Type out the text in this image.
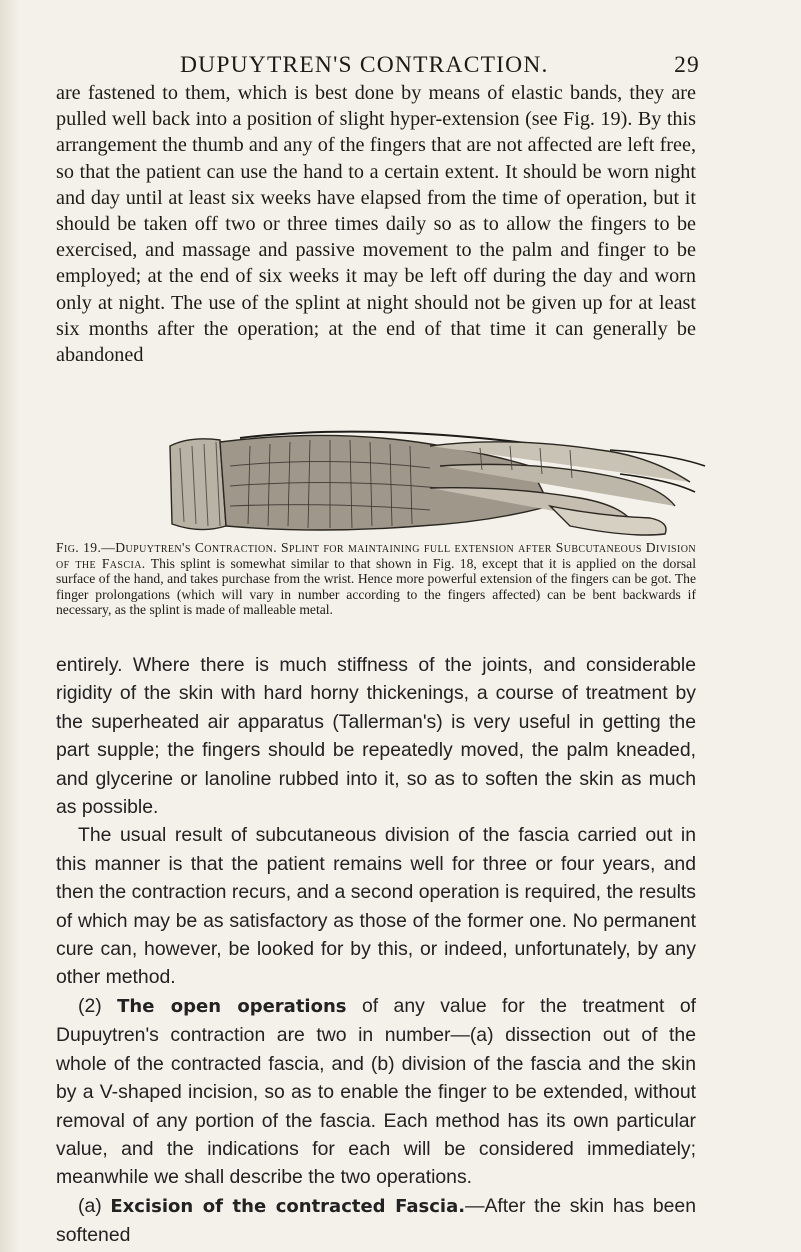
DUPUYTREN'S CONTRACTION.	29
are fastened to them, which is best done by means of elastic bands, they are pulled well back into a position of slight hyper-extension (see Fig. 19). By this arrangement the thumb and any of the fingers that are not affected are left free, so that the patient can use the hand to a certain extent. It should be worn night and day until at least six weeks have elapsed from the time of operation, but it should be taken off two or three times daily so as to allow the fingers to be exercised, and massage and passive movement to the palm and finger to be employed; at the end of six weeks it may be left off during the day and worn only at night. The use of the splint at night should not be given up for at least six months after the operation; at the end of that time it can generally be abandoned
Fig. 19.—Dupuytren's Contraction. Splint for maintaining full extension after Subcutaneous Division of the Fascia. This splint is somewhat similar to that shown in Fig. 18, except that it is applied on the dorsal surface of the hand, and takes purchase from the wrist. Hence more powerful extension of the fingers can be got. The finger prolongations (which will vary in number according to the fingers affected) can be bent backwards if necessary, as the splint is made of malleable metal.

entirely. Where there is much stiffness of the joints, and considerable rigidity of the skin with hard horny thickenings, a course of treatment by the superheated air apparatus (Tallerman's) is very useful in getting the part supple; the fingers should be repeatedly moved, the palm kneaded, and glycerine or lanoline rubbed into it, so as to soften the skin as much as possible.

The usual result of subcutaneous division of the fascia carried out in this manner is that the patient remains well for three or four years, and then the contraction recurs, and a second operation is required, the results of which may be as satisfactory as those of the former one. No permanent cure can, however, be looked for by this, or indeed, unfortunately, by any other method.

(2) The open operations of any value for the treatment of Dupuytren's contraction are two in number—(a) dissection out of the whole of the contracted fascia, and (b) division of the fascia and the skin by a V-shaped incision, so as to enable the finger to be extended, without removal of any portion of the fascia. Each method has its own particular value, and the indications for each will be considered immediately; meanwhile we shall describe the two operations.

(a) Excision of the contracted Fascia.—After the skin has been softened
